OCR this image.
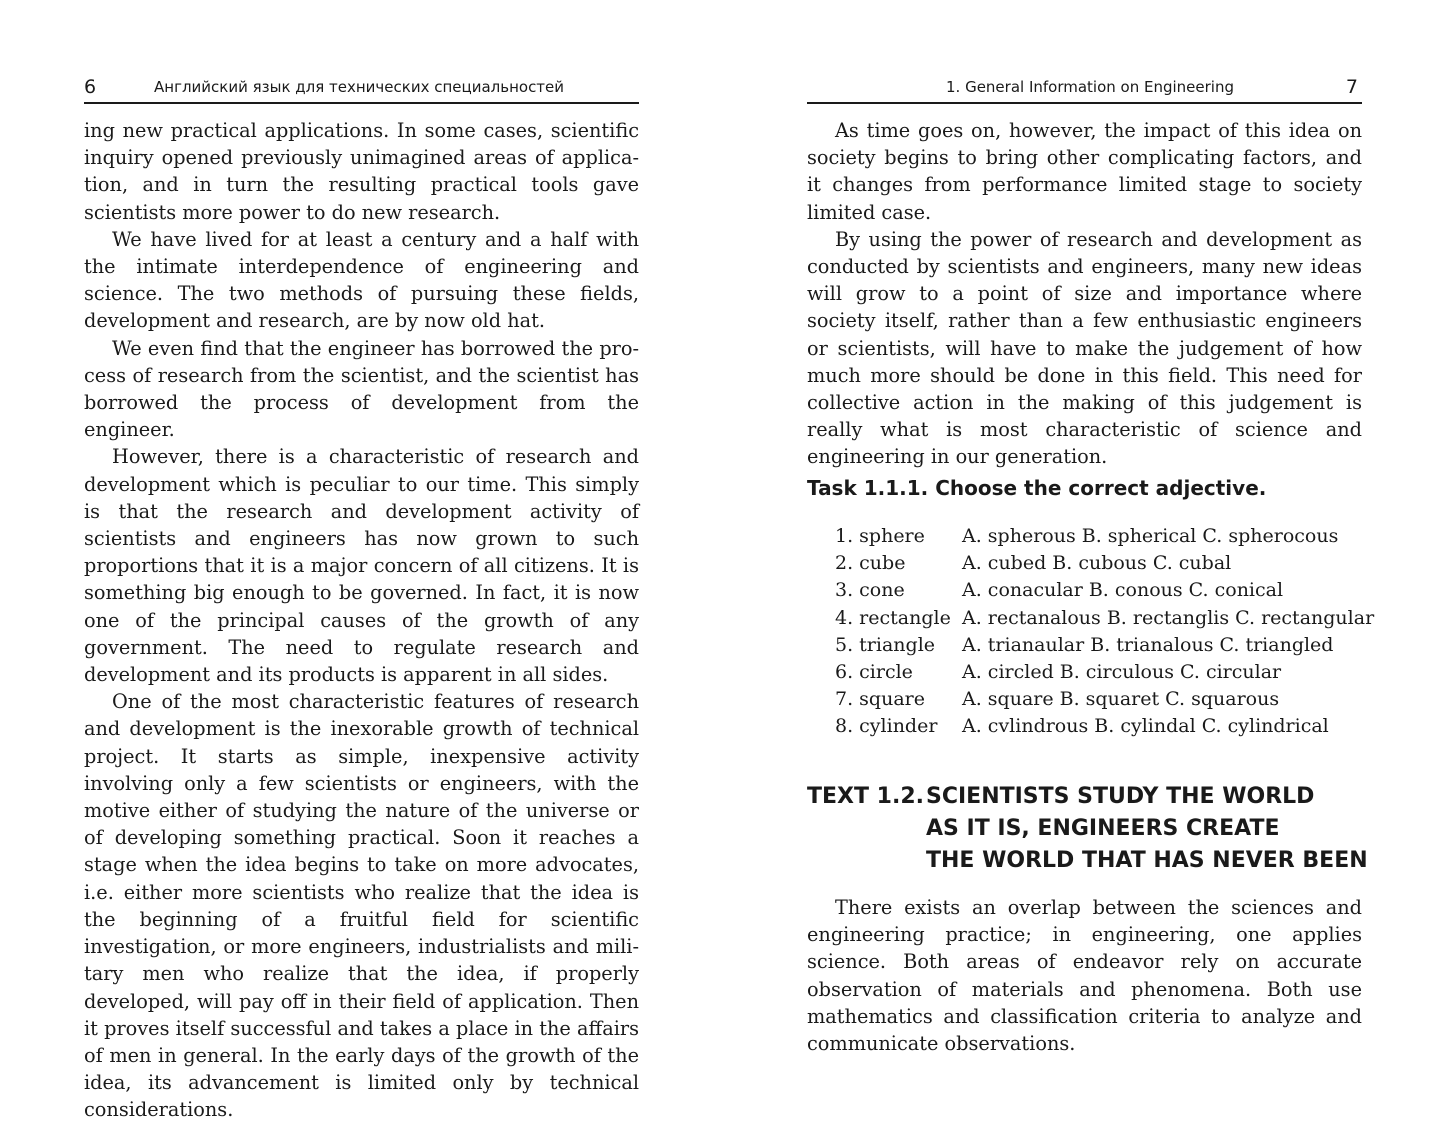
6	Английский язык для технических специальностей

ing new practical applications. In some cases, scientific inquiry opened previously unimagined areas of application, and in turn the resulting practical tools gave scientists more power to do new research.

We have lived for at least a century and a half with the intimate interdependence of engineering and science. The two methods of pursuing these fields, development and research, are by now old hat.

We even find that the engineer has borrowed the process of research from the scientist, and the scientist has borrowed the process of development from the engineer.

However, there is a characteristic of research and development which is peculiar to our time. This simply is that the research and development activity of scientists and engineers has now grown to such proportions that it is a major concern of all citizens. It is something big enough to be governed. In fact, it is now one of the principal causes of the growth of any government. The need to regulate research and development and its products is apparent in all sides.

One of the most characteristic features of research and development is the inexorable growth of technical project. It starts as simple, inexpensive activity involving only a few scientists or engineers, with the motive either of studying the nature of the universe or of developing something practical. Soon it reaches a stage when the idea begins to take on more advocates, i.e. either more scientists who realize that the idea is the beginning of a fruitful field for scientific investigation, or more engineers, industrialists and military men who realize that the idea, if properly developed, will pay off in their field of application. Then it proves itself successful and takes a place in the affairs of men in general. In the early days of the growth of the idea, its advancement is limited only by technical considerations.

1. General Information on Engineering	7

As time goes on, however, the impact of this idea on society begins to bring other complicating factors, and it changes from performance limited stage to society limited case.

By using the power of research and development as conducted by scientists and engineers, many new ideas will grow to a point of size and importance where society itself, rather than a few enthusiastic engineers or scientists, will have to make the judgement of how much more should be done in this field. This need for collective action in the making of this judgement is really what is most characteristic of science and engineering in our generation.

Task 1.1.1. Choose the correct adjective.
1. sphere	A. spherous B. spherical C. spherocous
2. cube	A. cubed B. cubous C. cubal
3. cone	A. conacular B. conous C. conical
4. rectangle A. rectanalous B. rectanglis C. rectangular
5. triangle	A. trianaular B. trianalous C. triangled
6. circle	A. circled B. circulous C. circular
7. square	A. square B. squaret C. squarous
8. cylinder	A. cvlindrous B. cylindal C. cylindrical
TEXT 1.2. SCIENTISTS STUDY THE WORLD
AS IT IS, ENGINEERS CREATE
THE WORLD THAT HAS NEVER BEEN

There exists an overlap between the sciences and engineering practice; in engineering, one applies science. Both areas of endeavor rely on accurate observation of materials and phenomena. Both use mathematics and classification criteria to analyze and communicate observations.
